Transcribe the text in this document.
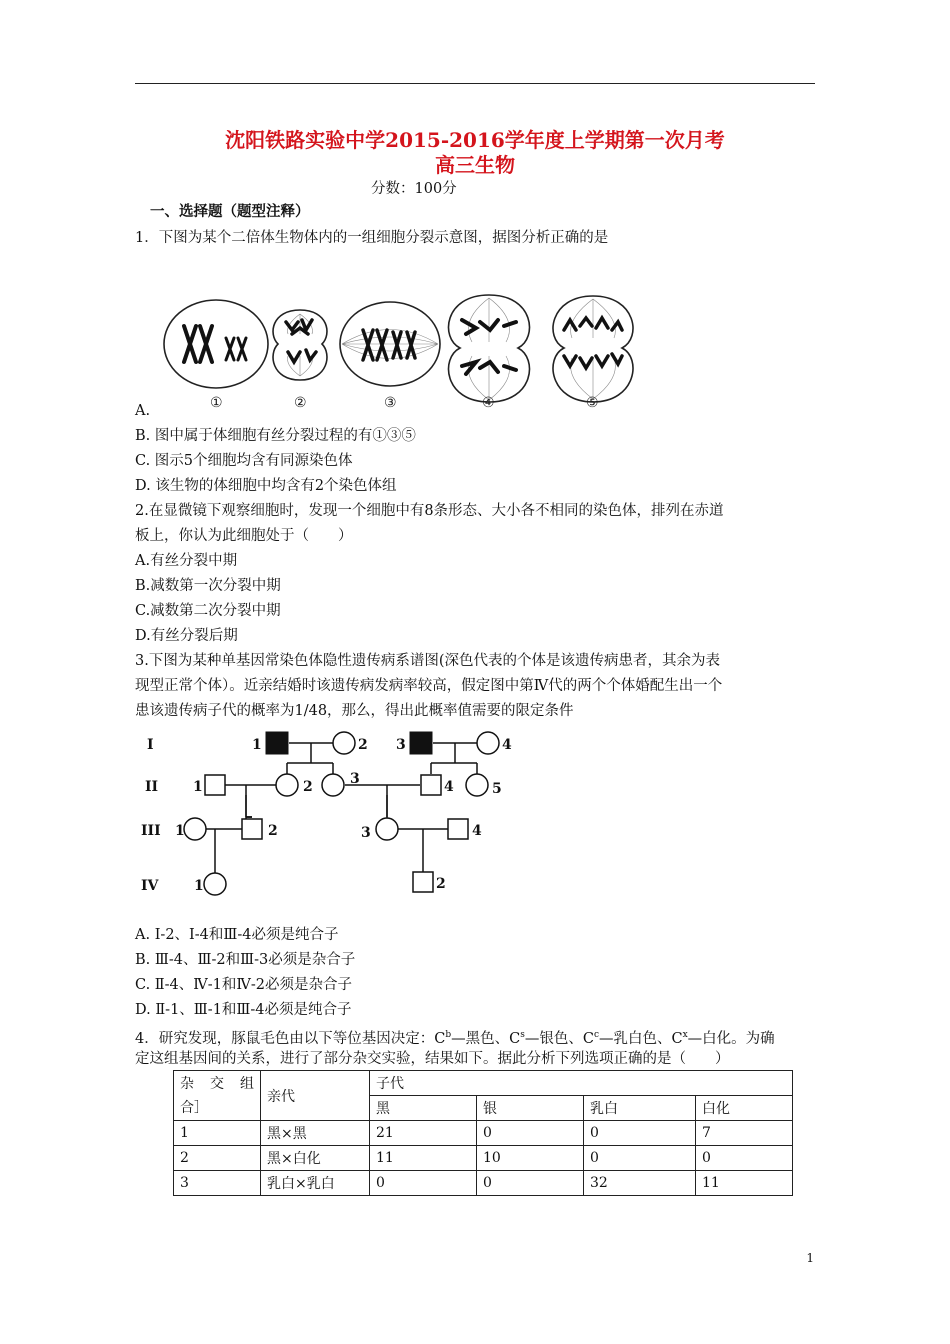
沈阳铁路实验中学2015-2016学年度上学期第一次月考
高三生物
分数：100分
一、选择题（题型注释）
1．下图为某个二倍体生物体内的一组细胞分裂示意图，据图分析正确的是
①	②	③	④	⑤
A.
B. 图中属于体细胞有丝分裂过程的有①③⑤
C. 图示5个细胞均含有同源染色体
D. 该生物的体细胞中均含有2个染色体组
2.在显微镜下观察细胞时，发现一个细胞中有8条形态、大小各不相同的染色体，排列在赤道
板上，你认为此细胞处于（　　）
A.有丝分裂中期
B.减数第一次分裂中期
C.减数第二次分裂中期
D.有丝分裂后期
3.下图为某种单基因常染色体隐性遗传病系谱图(深色代表的个体是该遗传病患者，其余为表
现型正常个体）。近亲结婚时该遗传病发病率较高，假定图中第Ⅳ代的两个个体婚配生出一个
患该遗传病子代的概率为1/48，那么，得出此概率值需要的限定条件
I
II
III
IV
1	2 3	4
1	2	3	4	5
1	2	3	4
1	2
A. Ⅰ-2、Ⅰ-4和Ⅲ-4必须是纯合子
B. Ⅲ-4、Ⅲ-2和Ⅲ-3必须是杂合子
C. Ⅱ-4、Ⅳ-1和Ⅳ-2必须是杂合子
D. Ⅱ-1、Ⅲ-1和Ⅲ-4必须是纯合子
4．研究发现，豚鼠毛色由以下等位基因决定：$C^b—$黑色、$C^s—$银色、$C^c—$乳白色、$C^x—$白化。为确
定这组基因间的关系，进行了部分杂交实验，结果如下。据此分析下列选项正确的是（　　）
杂 交 组 合］	亲代	子代			
		黑	银	乳白	白化
1	黑×黑	21	0	0	7
2	黑×白化	11	10	0	0
3	乳白×乳白	0	0	32	11
1
